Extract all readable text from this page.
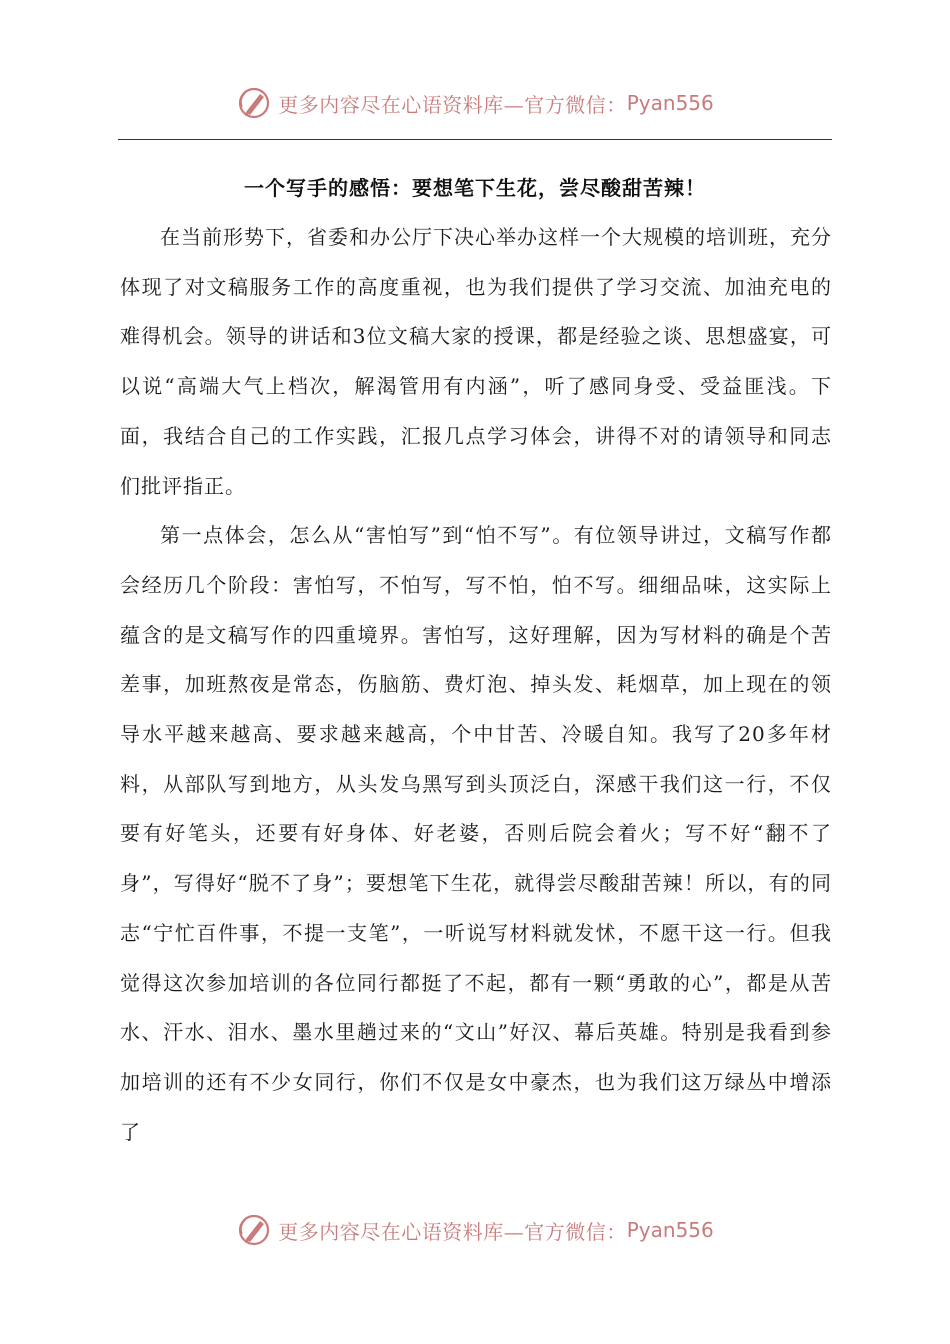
更多内容尽在心语资料库—官方微信： Pyan556
一个写手的感悟：要想笔下生花，尝尽酸甜苦辣！

在当前形势下，省委和办公厅下决心举办这样一个大规模的培训班，充分体现了对文稿服务工作的高度重视，也为我们提供了学习交流、加油充电的难得机会。领导的讲话和3位文稿大家的授课，都是经验之谈、思想盛宴，可以说“高端大气上档次，解渴管用有内涵”，听了感同身受、受益匪浅。下面，我结合自己的工作实践，汇报几点学习体会，讲得不对的请领导和同志们批评指正。

第一点体会，怎么从“害怕写”到“怕不写”。有位领导讲过，文稿写作都会经历几个阶段：害怕写，不怕写，写不怕，怕不写。细细品味，这实际上蕴含的是文稿写作的四重境界。害怕写，这好理解，因为写材料的确是个苦差事，加班熬夜是常态，伤脑筋、费灯泡、掉头发、耗烟草，加上现在的领导水平越来越高、要求越来越高，个中甘苦、冷暖自知。我写了20多年材料，从部队写到地方，从头发乌黑写到头顶泛白，深感干我们这一行，不仅要有好笔头，还要有好身体、好老婆，否则后院会着火；写不好“翻不了身”，写得好“脱不了身”；要想笔下生花，就得尝尽酸甜苦辣！所以，有的同志“宁忙百件事，不提一支笔”，一听说写材料就发怵，不愿干这一行。但我觉得这次参加培训的各位同行都挺了不起，都有一颗“勇敢的心”，都是从苦水、汗水、泪水、墨水里趟过来的“文山”好汉、幕后英雄。特别是我看到参加培训的还有不少女同行，你们不仅是女中豪杰，也为我们这万绿丛中增添了

更多内容尽在心语资料库—官方微信： Pyan556
